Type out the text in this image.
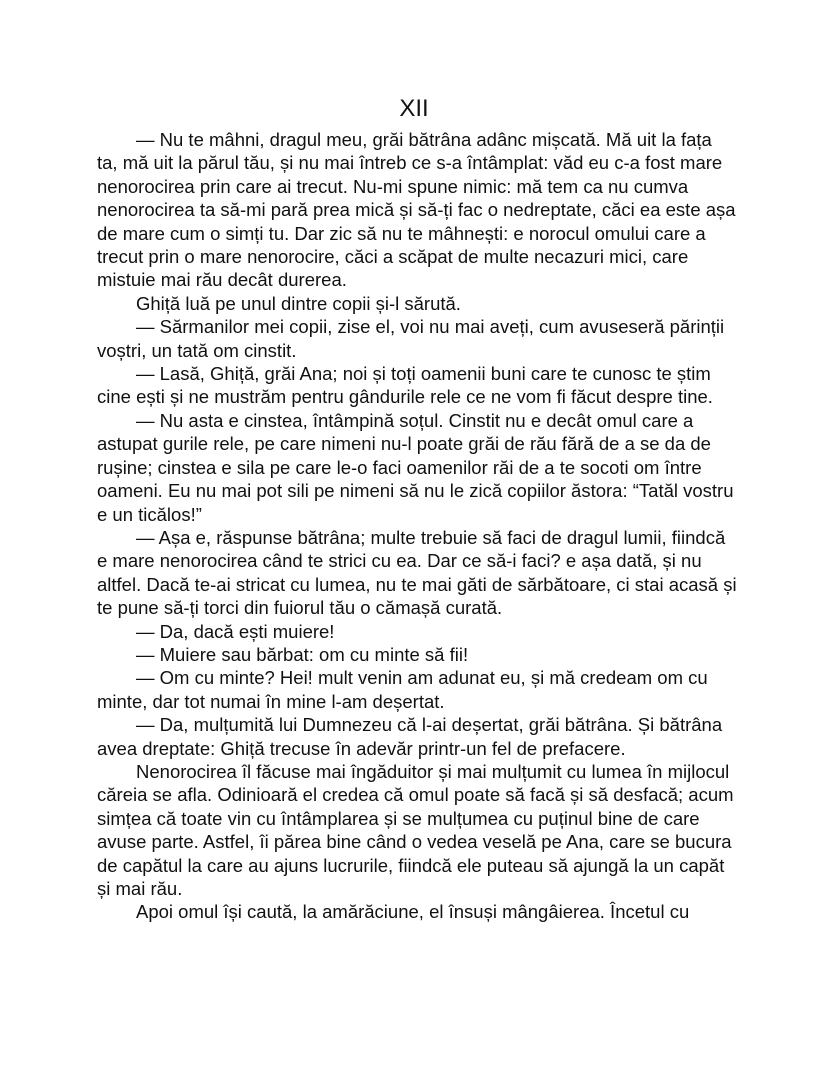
XII

— Nu te mâhni, dragul meu, grăi bătrâna adânc mișcată. Mă uit la fața ta, mă uit la părul tău, și nu mai întreb ce s-a întâmplat: văd eu c-a fost mare nenorocirea prin care ai trecut. Nu-mi spune nimic: mă tem ca nu cumva nenorocirea ta să-mi pară prea mică și să-ți fac o nedreptate, căci ea este așa de mare cum o simți tu. Dar zic să nu te mâhnești: e norocul omului care a trecut prin o mare nenorocire, căci a scăpat de multe necazuri mici, care mistuie mai rău decât durerea.

Ghiță luă pe unul dintre copii și-l sărută.

— Sărmanilor mei copii, zise el, voi nu mai aveți, cum avuseseră părinții voștri, un tată om cinstit.

— Lasă, Ghiță, grăi Ana; noi și toți oamenii buni care te cunosc te știm cine ești și ne mustrăm pentru gândurile rele ce ne vom fi făcut despre tine.

— Nu asta e cinstea, întâmpină soțul. Cinstit nu e decât omul care a astupat gurile rele, pe care nimeni nu-l poate grăi de rău fără de a se da de rușine; cinstea e sila pe care le-o faci oamenilor răi de a te socoti om între oameni. Eu nu mai pot sili pe nimeni să nu le zică copiilor ăstora: “Tatăl vostru e un ticălos!”

— Așa e, răspunse bătrâna; multe trebuie să faci de dragul lumii, fiindcă e mare nenorocirea când te strici cu ea. Dar ce să-i faci? e așa dată, și nu altfel. Dacă te-ai stricat cu lumea, nu te mai găti de sărbătoare, ci stai acasă și te pune să-ți torci din fuiorul tău o cămașă curată.

— Da, dacă ești muiere!

— Muiere sau bărbat: om cu minte să fii!

— Om cu minte? Hei! mult venin am adunat eu, și mă credeam om cu minte, dar tot numai în mine l-am deșertat.

— Da, mulțumită lui Dumnezeu că l-ai deșertat, grăi bătrâna. Și bătrâna avea dreptate: Ghiță trecuse în adevăr printr-un fel de prefacere.

Nenorocirea îl făcuse mai îngăduitor și mai mulțumit cu lumea în mijlocul căreia se afla. Odinioară el credea că omul poate să facă și să desfacă; acum simțea că toate vin cu întâmplarea și se mulțumea cu puținul bine de care avuse parte. Astfel, îi părea bine când o vedea veselă pe Ana, care se bucura de capătul la care au ajuns lucrurile, fiindcă ele puteau să ajungă la un capăt și mai rău.

Apoi omul își caută, la amărăciune, el însuși mângâierea. Încetul cu
